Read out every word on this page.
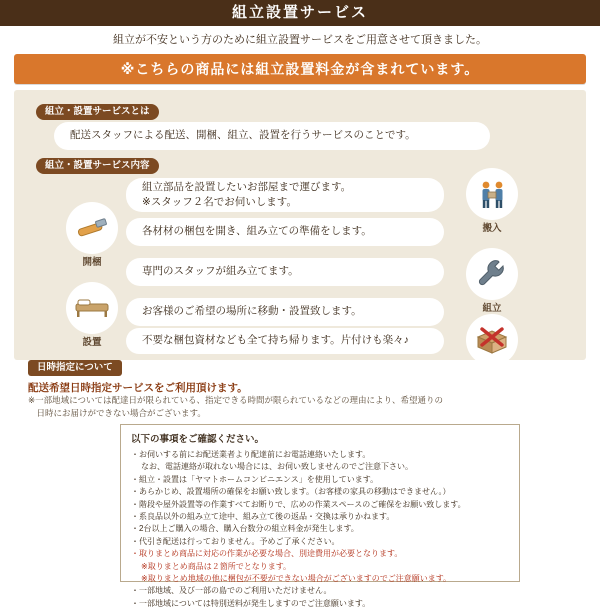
組立設置サービス
組立が不安という方のために組立設置サービスをご用意させて頂きました。
※こちらの商品には組立設置料金が含まれています。
組立・設置サービスとは
配送スタッフによる配送、開梱、組立、設置を行うサービスのことです。
組立・設置サービス内容
組立部品を設置したいお部屋まで運びます。
※スタッフ２名でお伺いします。
搬入
開梱
各材材の梱包を開き、組み立ての準備をします。
専門のスタッフが組み立てます。
組立
設置
お客様のご希望の場所に移動・設置致します。
不要な梱包資材なども全て持ち帰ります。片付けも楽々♪
日時指定について
配送希望日時指定サービスをご利用頂けます。
※一部地域については配達日が限られている、指定できる時間が限られているなどの理由により、希望通りの
　日時にお届けができない場合がございます。
以下の事項をご確認ください。
・お伺いする前にお配送業者より配達前にお電話連絡いたします。
なお、電話連絡が取れない場合には、お伺い致しませんのでご注意下さい。
・組立・設置は「ヤマトホームコンビニエンス」を使用しています。
・あらかじめ、設置場所の確保をお願い致します。（お客様の家具の移動はできません。）
・階段や屋外設置等の作業すべてお断りで、広めの作業スペースのご確保をお願い致します。
・系良品以外の組み立て途中、組み立て後の返品・交換は承りかねます。
・2台以上ご購入の場合、購入台数分の組立料金が発生します。
・代引き配送は行っておりません。予めご了承ください。
・取りまとめ商品に対応の作業が必要な場合、別途費用が必要となります。
※取りまとめ商品は２箇所でとなります。
※取りまとめ地域の他に梱包が不要ができない場合がございますのでご注意願います。
・一部地域、及び一部の島でのご利用いただけません。
・一部地域については特別送料が発生しますのでご注意願います。
